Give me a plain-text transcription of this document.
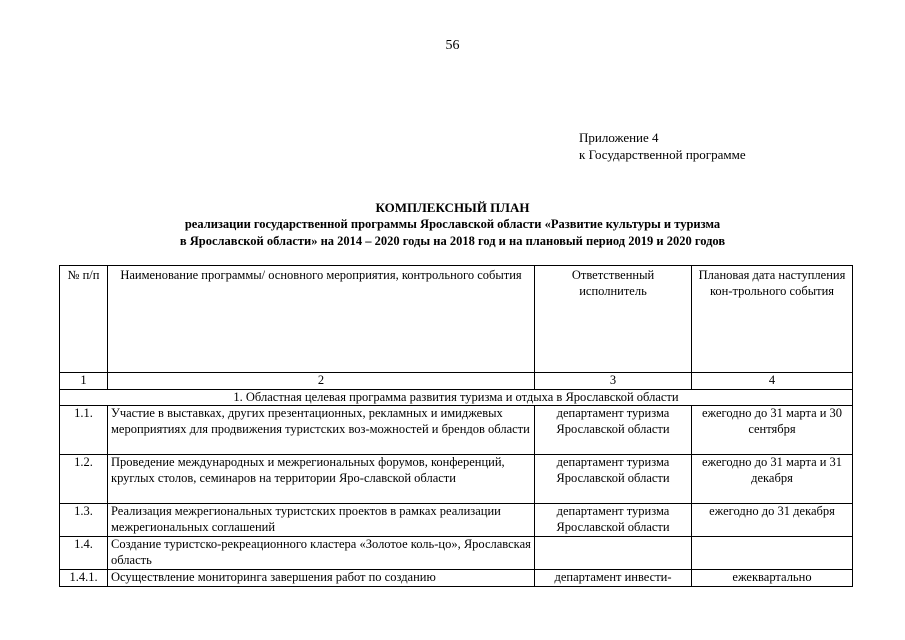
56
Приложение 4
к Государственной программе
КОМПЛЕКСНЫЙ ПЛАН
реализации государственной программы Ярославской области «Развитие культуры и туризма
в Ярославской области» на 2014 – 2020 годы на 2018 год и на плановый период 2019 и 2020 годов
№ п/п	Наименование программы/ основного мероприятия, контрольного события	Ответственный исполнитель	Плановая дата наступления кон-трольного события
1	2	3	4
1. Областная целевая программа развития туризма и отдыха в Ярославской области			
1.1.	Участие в выставках, других презентационных, рекламных и имиджевых мероприятиях для продвижения туристских воз-можностей и брендов области	департамент туризма Ярославской области	ежегодно до 31 марта и 30 сентября
1.2.	Проведение международных и межрегиональных форумов, конференций, круглых столов, семинаров на территории Яро-славской области	департамент туризма Ярославской области	ежегодно до 31 марта и 31 декабря
1.3.	Реализация межрегиональных туристских проектов в рамках реализации межрегиональных соглашений	департамент туризма Ярославской области	ежегодно до 31 декабря
1.4.	Создание туристско-рекреационного кластера «Золотое коль-цо», Ярославская область		
1.4.1.	Осуществление мониторинга завершения работ по созданию	департамент инвести-	ежеквартально
